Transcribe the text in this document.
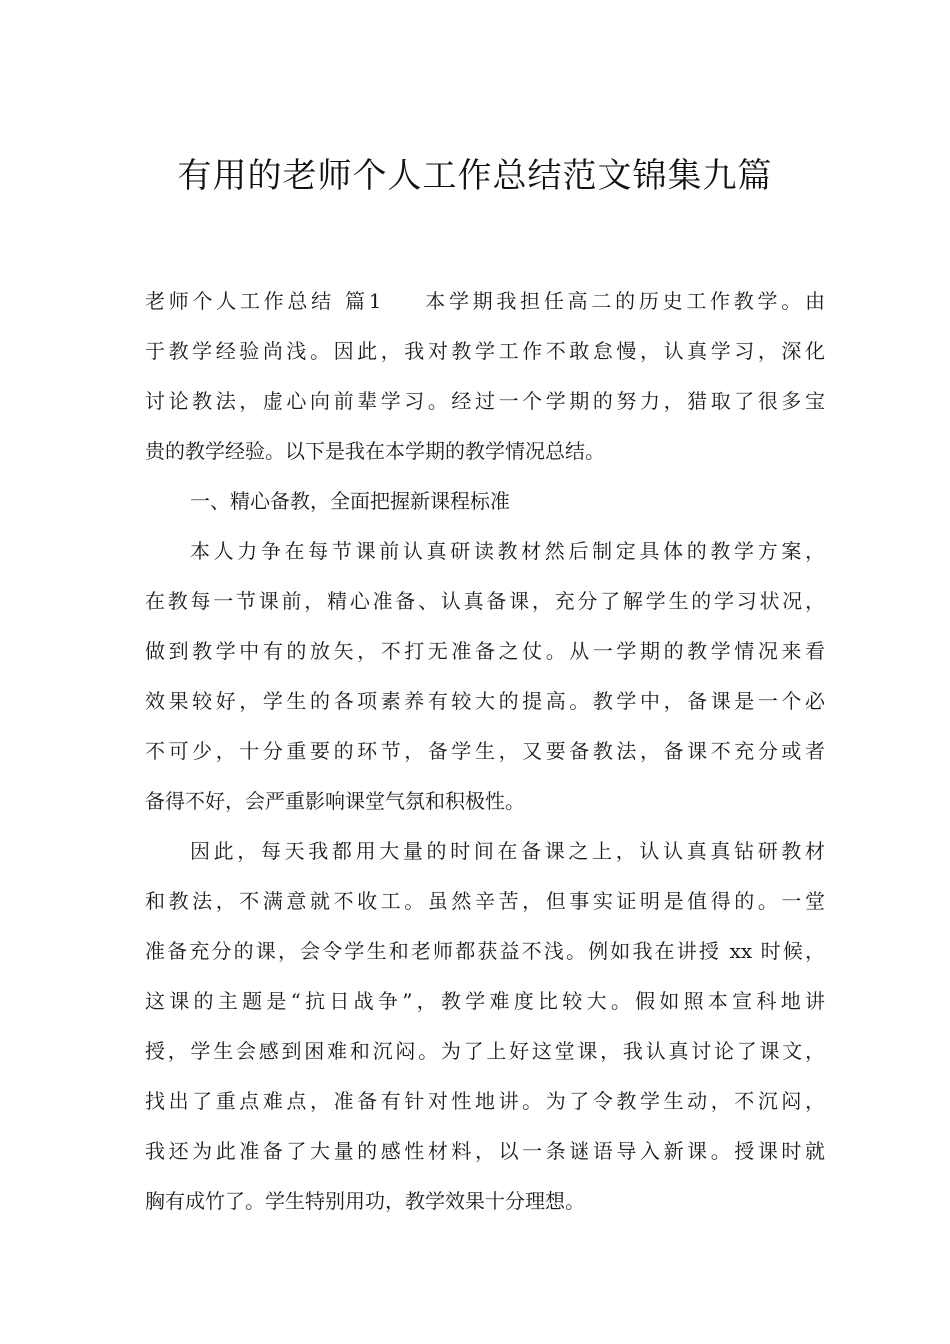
有用的老师个人工作总结范文锦集九篇
老师个人工作总结 篇1 本学期我担任高二的历史工作教学。由
于教学经验尚浅。因此，我对教学工作不敢怠慢，认真学习，深化
讨论教法，虚心向前辈学习。经过一个学期的努力，猎取了很多宝
贵的教学经验。以下是我在本学期的教学情况总结。
一、精心备教，全面把握新课程标准
本人力争在每节课前认真研读教材然后制定具体的教学方案，
在教每一节课前，精心准备、认真备课，充分了解学生的学习状况，
做到教学中有的放矢，不打无准备之仗。从一学期的教学情况来看
效果较好，学生的各项素养有较大的提高。教学中，备课是一个必
不可少，十分重要的环节，备学生，又要备教法，备课不充分或者
备得不好，会严重影响课堂气氛和积极性。
因此，每天我都用大量的时间在备课之上，认认真真钻研教材
和教法，不满意就不收工。虽然辛苦，但事实证明是值得的。一堂
准备充分的课，会令学生和老师都获益不浅。例如我在讲授 xx 时候，
这课的主题是“抗日战争”，教学难度比较大。假如照本宣科地讲
授，学生会感到困难和沉闷。为了上好这堂课，我认真讨论了课文，
找出了重点难点，准备有针对性地讲。为了令教学生动，不沉闷，
我还为此准备了大量的感性材料，以一条谜语导入新课。授课时就
胸有成竹了。学生特别用功，教学效果十分理想。
